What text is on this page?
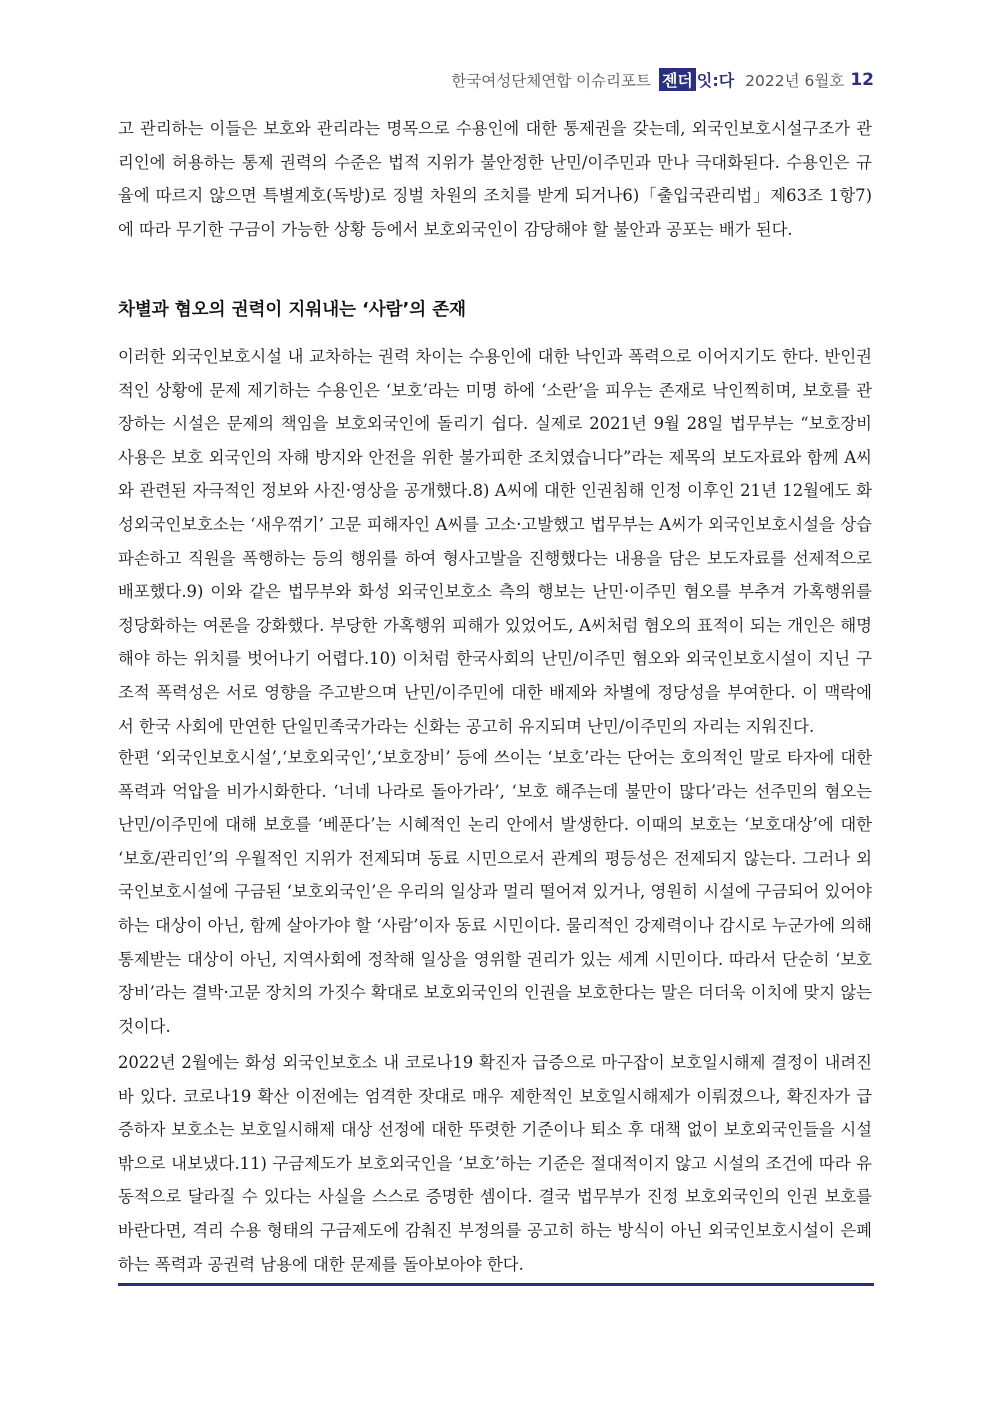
한국여성단체연합 이슈리포트 젠더 잇:다 2022년 6월호 12

고 관리하는 이들은 보호와 관리라는 명목으로 수용인에 대한 통제권을 갖는데, 외국인보호시설구조가 관리인에 허용하는 통제 권력의 수준은 법적 지위가 불안정한 난민/이주민과 만나 극대화된다. 수용인은 규율에 따르지 않으면 특별계호(독방)로 징벌 차원의 조치를 받게 되거나6)「출입국관리법」제63조 1항7)에 따라 무기한 구금이 가능한 상황 등에서 보호외국인이 감당해야 할 불안과 공포는 배가 된다.

차별과 혐오의 권력이 지워내는 ‘사람’의 존재

이러한 외국인보호시설 내 교차하는 권력 차이는 수용인에 대한 낙인과 폭력으로 이어지기도 한다. 반인권적인 상황에 문제 제기하는 수용인은 ‘보호’라는 미명 하에 ‘소란’을 피우는 존재로 낙인찍히며, 보호를 관장하는 시설은 문제의 책임을 보호외국인에 돌리기 쉽다. 실제로 2021년 9월 28일 법무부는 “보호장비 사용은 보호 외국인의 자해 방지와 안전을 위한 불가피한 조치였습니다”라는 제목의 보도자료와 함께 A씨와 관련된 자극적인 정보와 사진·영상을 공개했다.8) A씨에 대한 인권침해 인정 이후인 21년 12월에도 화성외국인보호소는 ‘새우꺾기’ 고문 피해자인 A씨를 고소·고발했고 법무부는 A씨가 외국인보호시설을 상습 파손하고 직원을 폭행하는 등의 행위를 하여 형사고발을 진행했다는 내용을 담은 보도자료를 선제적으로 배포했다.9) 이와 같은 법무부와 화성 외국인보호소 측의 행보는 난민·이주민 혐오를 부추겨 가혹행위를 정당화하는 여론을 강화했다. 부당한 가혹행위 피해가 있었어도, A씨처럼 혐오의 표적이 되는 개인은 해명해야 하는 위치를 벗어나기 어렵다.10) 이처럼 한국사회의 난민/이주민 혐오와 외국인보호시설이 지닌 구조적 폭력성은 서로 영향을 주고받으며 난민/이주민에 대한 배제와 차별에 정당성을 부여한다. 이 맥락에서 한국 사회에 만연한 단일민족국가라는 신화는 공고히 유지되며 난민/이주민의 자리는 지워진다.

한편 ‘외국인보호시설’,‘보호외국인’,‘보호장비’ 등에 쓰이는 ‘보호’라는 단어는 호의적인 말로 타자에 대한 폭력과 억압을 비가시화한다. ‘너네 나라로 돌아가라’, ‘보호 해주는데 불만이 많다’라는 선주민의 혐오는 난민/이주민에 대해 보호를 ‘베푼다’는 시혜적인 논리 안에서 발생한다. 이때의 보호는 ‘보호대상’에 대한 ‘보호/관리인’의 우월적인 지위가 전제되며 동료 시민으로서 관계의 평등성은 전제되지 않는다. 그러나 외국인보호시설에 구금된 ‘보호외국인’은 우리의 일상과 멀리 떨어져 있거나, 영원히 시설에 구금되어 있어야 하는 대상이 아닌, 함께 살아가야 할 ‘사람’이자 동료 시민이다. 물리적인 강제력이나 감시로 누군가에 의해 통제받는 대상이 아닌, 지역사회에 정착해 일상을 영위할 권리가 있는 세계 시민이다. 따라서 단순히 ‘보호장비’라는 결박·고문 장치의 가짓수 확대로 보호외국인의 인권을 보호한다는 말은 더더욱 이치에 맞지 않는 것이다.

2022년 2월에는 화성 외국인보호소 내 코로나19 확진자 급증으로 마구잡이 보호일시해제 결정이 내려진 바 있다. 코로나19 확산 이전에는 엄격한 잣대로 매우 제한적인 보호일시해제가 이뤄졌으나, 확진자가 급증하자 보호소는 보호일시해제 대상 선정에 대한 뚜렷한 기준이나 퇴소 후 대책 없이 보호외국인들을 시설 밖으로 내보냈다.11) 구금제도가 보호외국인을 ‘보호’하는 기준은 절대적이지 않고 시설의 조건에 따라 유동적으로 달라질 수 있다는 사실을 스스로 증명한 셈이다. 결국 법무부가 진정 보호외국인의 인권 보호를 바란다면, 격리 수용 형태의 구금제도에 감춰진 부정의를 공고히 하는 방식이 아닌 외국인보호시설이 은폐하는 폭력과 공권력 남용에 대한 문제를 돌아보아야 한다.
